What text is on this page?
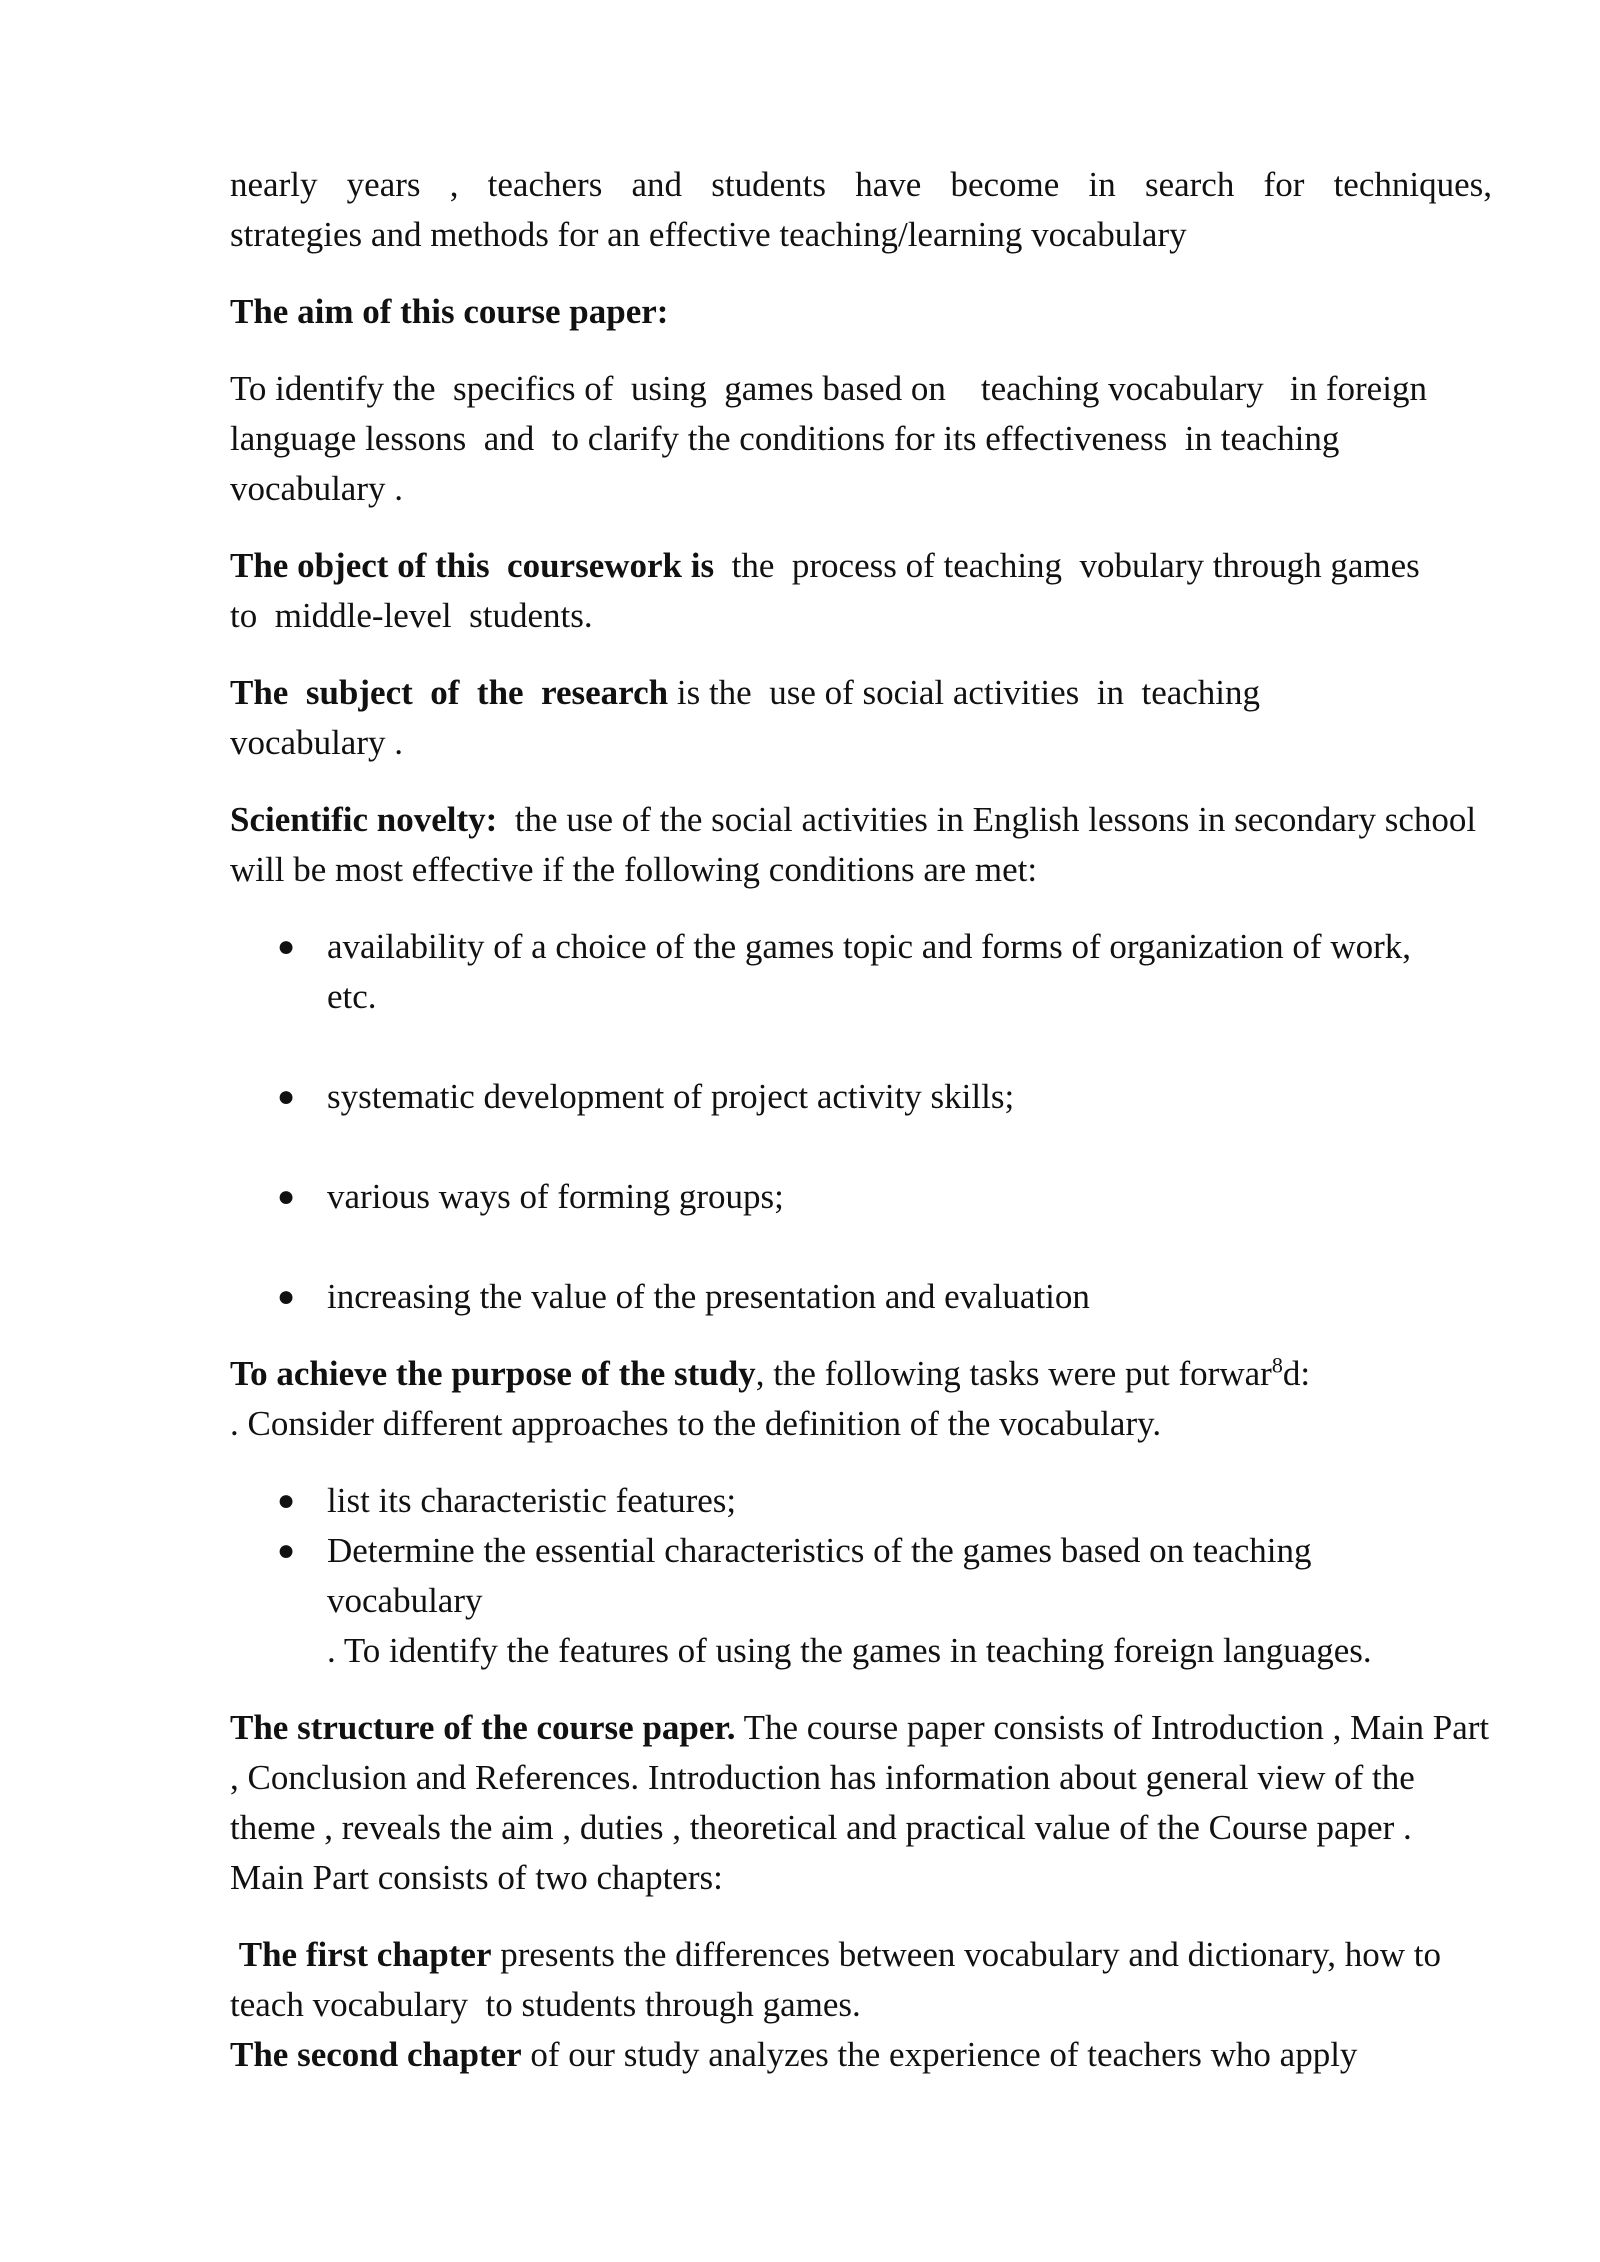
nearly years , teachers and students have become in search for techniques,
strategies and methods for an effective teaching/learning vocabulary
The aim of this course paper:
To identify the  specifics of  using  games based on    teaching vocabulary   in foreign  language lessons  and  to clarify the conditions for its effectiveness  in teaching vocabulary .
The object of this  coursework is  the  process of teaching  vobulary through games  to  middle-level  students.
The  subject  of  the  research is the  use of social activities  in  teaching vocabulary .
Scientific novelty:  the use of the social activities in English lessons in secondary school will be most effective if the following conditions are met:
● availability of a choice of the games topic and forms of organization of work, etc.
● systematic development of project activity skills;
● various ways of forming groups;
● increasing the value of the presentation and evaluation
To achieve the purpose of the study, the following tasks were put forwar$^8$d:
. Consider different approaches to the definition of the vocabulary.
● list its characteristic features;
● Determine the essential characteristics of the games based on teaching vocabulary
. To identify the features of using the games in teaching foreign languages.
The structure of the course paper. The course paper consists of Introduction , Main Part , Conclusion and References. Introduction has information about general view of the theme , reveals the aim , duties , theoretical and practical value of the Course paper . Main Part consists of two chapters:
The first chapter presents the differences between vocabulary and dictionary, how to teach vocabulary  to students through games.
The second chapter of our study analyzes the experience of teachers who apply
